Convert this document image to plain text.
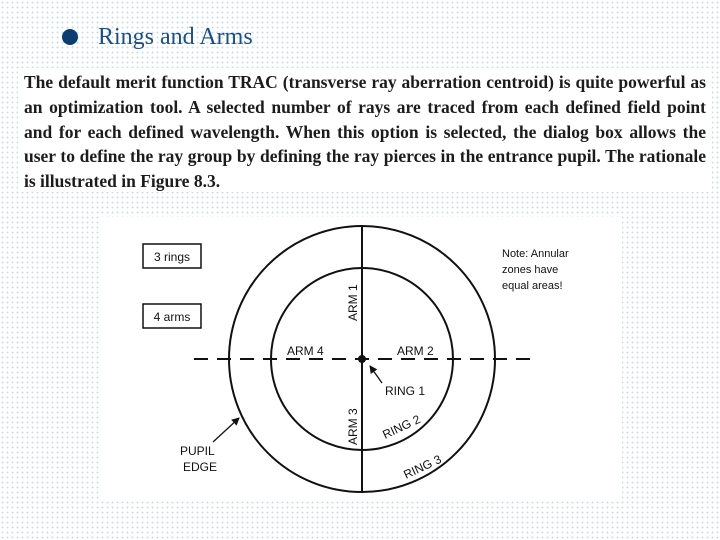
Rings and Arms
The default merit function TRAC (transverse ray aberration centroid) is quite powerful as an optimization tool. A selected number of rays are traced from each defined field point and for each defined wavelength. When this option is selected, the dialog box allows the user to define the ray group by defining the ray pierces in the entrance pupil. The rationale is illustrated in Figure 8.3.
3 rings
4 arms
Note: Annular
zones have
equal areas!
ARM 1
ARM 2
ARM 3
ARM 4
RING 1
RING 2
RING 3
PUPIL
EDGE
